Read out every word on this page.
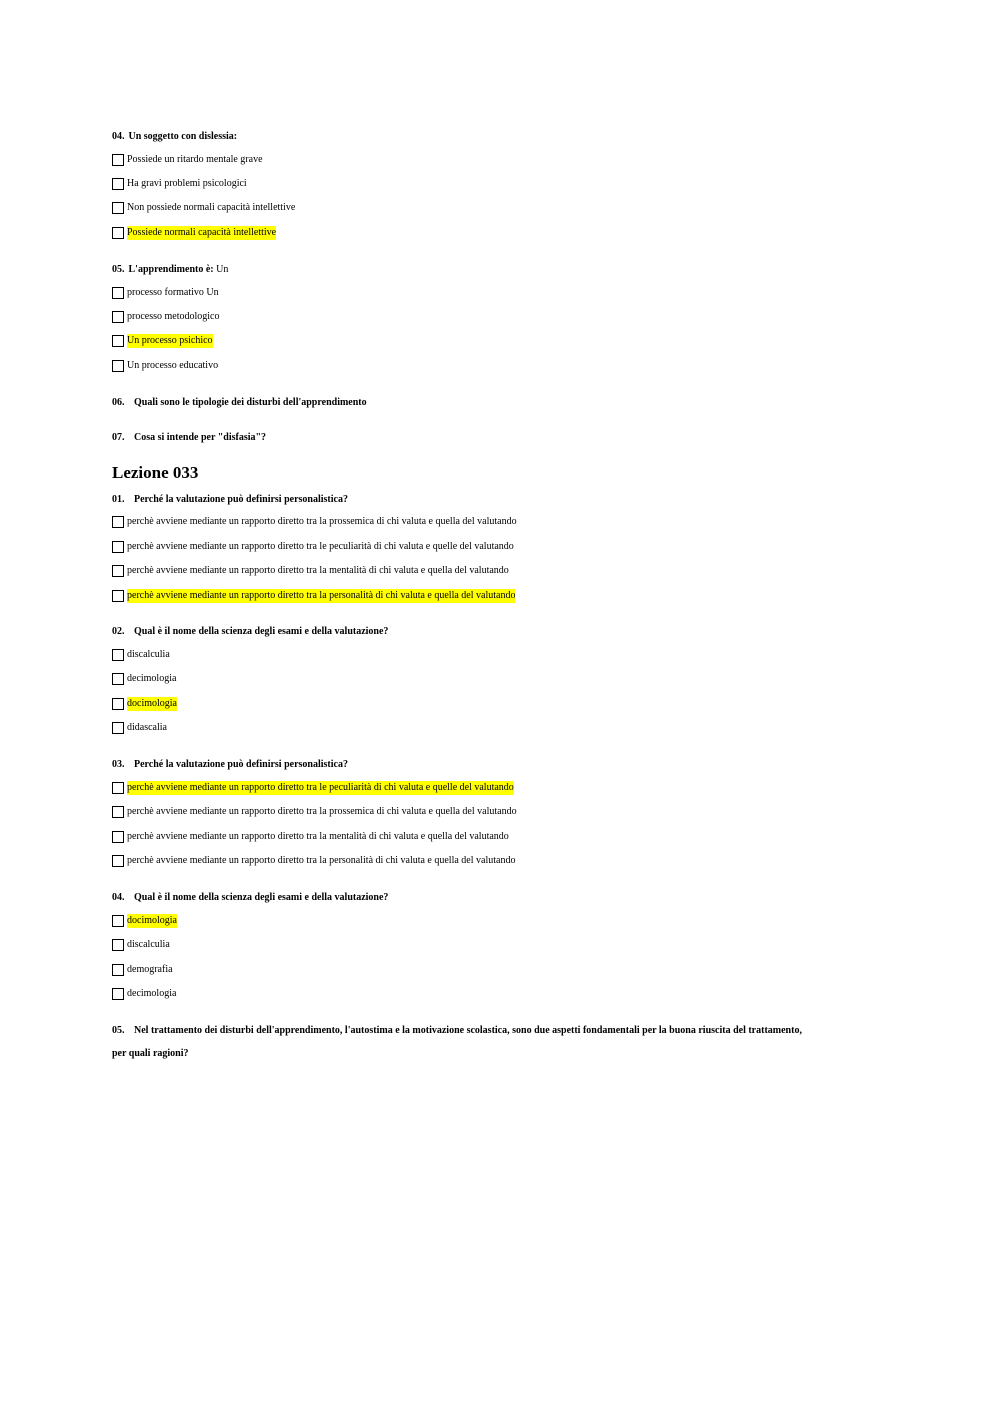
04. Un soggetto con dislessia:
Possiede un ritardo mentale grave
Ha gravi problemi psicologici
Non possiede normali capacità intellettive
Possiede normali capacità intellettive
05. L'apprendimento è: Un
processo formativo Un
processo metodologico
Un processo psichico
Un processo educativo
06. Quali sono le tipologie dei disturbi dell'apprendimento
07. Cosa si intende per "disfasia"?
Lezione 033
01. Perché la valutazione può definirsi personalistica?
perchè avviene mediante un rapporto diretto tra la prossemica di chi valuta e quella del valutando
perchè avviene mediante un rapporto diretto tra le peculiarità di chi valuta e quelle del valutando
perchè avviene mediante un rapporto diretto tra la mentalità di chi valuta e quella del valutando
perchè avviene mediante un rapporto diretto tra la personalità di chi valuta e quella del valutando
02. Qual è il nome della scienza degli esami e della valutazione?
discalculia
decimologia
docimologia
didascalia
03. Perché la valutazione può definirsi personalistica?
perchè avviene mediante un rapporto diretto tra le peculiarità di chi valuta e quelle del valutando
perchè avviene mediante un rapporto diretto tra la prossemica di chi valuta e quella del valutando
perchè avviene mediante un rapporto diretto tra la mentalità di chi valuta e quella del valutando
perchè avviene mediante un rapporto diretto tra la personalità di chi valuta e quella del valutando
04. Qual è il nome della scienza degli esami e della valutazione?
docimologia
discalculia
demografia
decimologia
05. Nel trattamento dei disturbi dell'apprendimento, l'autostima e la motivazione scolastica, sono due aspetti fondamentali per la buona riuscita del trattamento,
per quali ragioni?
